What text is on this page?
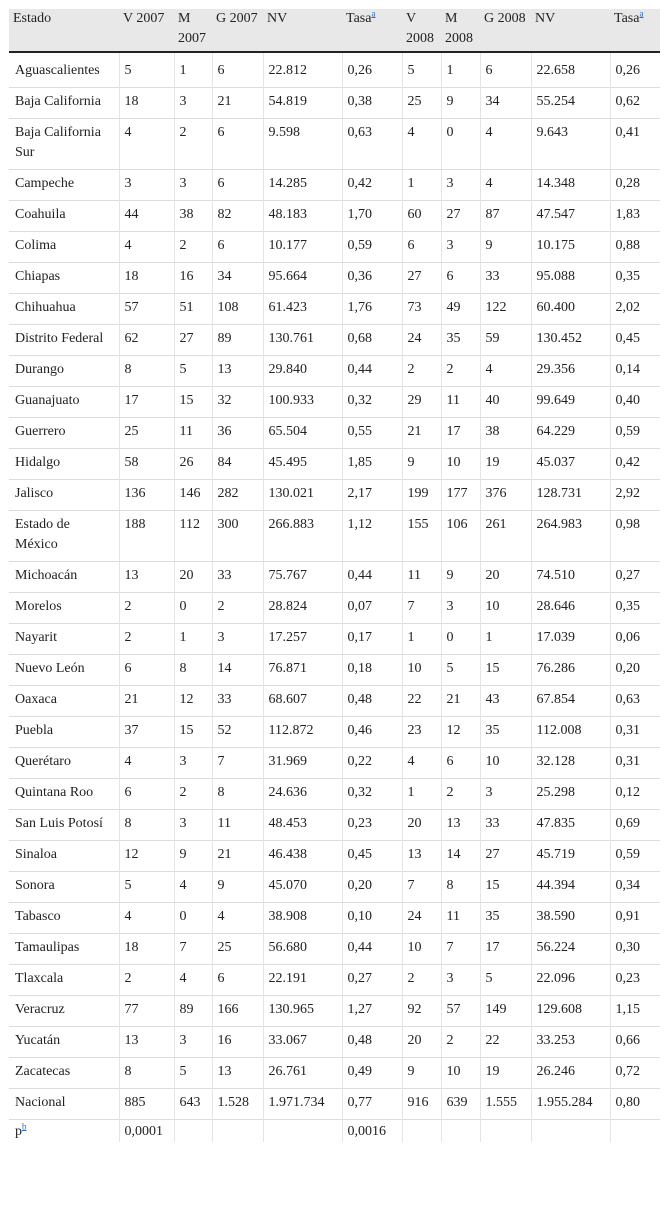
Estado	V 2007	M 2007	G 2007	NV	Tasa$^a$	V 2008	M 2008	G 2008	NV	Tasa$^a$
Aguascalientes	5	1	6	22.812	0,26	5	1	6	22.658	0,26
Baja California	18	3	21	54.819	0,38	25	9	34	55.254	0,62
Baja California Sur	4	2	6	9.598	0,63	4	0	4	9.643	0,41
Campeche	3	3	6	14.285	0,42	1	3	4	14.348	0,28
Coahuila	44	38	82	48.183	1,70	60	27	87	47.547	1,83
Colima	4	2	6	10.177	0,59	6	3	9	10.175	0,88
Chiapas	18	16	34	95.664	0,36	27	6	33	95.088	0,35
Chihuahua	57	51	108	61.423	1,76	73	49	122	60.400	2,02
Distrito Federal	62	27	89	130.761	0,68	24	35	59	130.452	0,45
Durango	8	5	13	29.840	0,44	2	2	4	29.356	0,14
Guanajuato	17	15	32	100.933	0,32	29	11	40	99.649	0,40
Guerrero	25	11	36	65.504	0,55	21	17	38	64.229	0,59
Hidalgo	58	26	84	45.495	1,85	9	10	19	45.037	0,42
Jalisco	136	146	282	130.021	2,17	199	177	376	128.731	2,92
Estado de México	188	112	300	266.883	1,12	155	106	261	264.983	0,98
Michoacán	13	20	33	75.767	0,44	11	9	20	74.510	0,27
Morelos	2	0	2	28.824	0,07	7	3	10	28.646	0,35
Nayarit	2	1	3	17.257	0,17	1	0	1	17.039	0,06
Nuevo León	6	8	14	76.871	0,18	10	5	15	76.286	0,20
Oaxaca	21	12	33	68.607	0,48	22	21	43	67.854	0,63
Puebla	37	15	52	112.872	0,46	23	12	35	112.008	0,31
Querétaro	4	3	7	31.969	0,22	4	6	10	32.128	0,31
Quintana Roo	6	2	8	24.636	0,32	1	2	3	25.298	0,12
San Luis Potosí	8	3	11	48.453	0,23	20	13	33	47.835	0,69
Sinaloa	12	9	21	46.438	0,45	13	14	27	45.719	0,59
Sonora	5	4	9	45.070	0,20	7	8	15	44.394	0,34
Tabasco	4	0	4	38.908	0,10	24	11	35	38.590	0,91
Tamaulipas	18	7	25	56.680	0,44	10	7	17	56.224	0,30
Tlaxcala	2	4	6	22.191	0,27	2	3	5	22.096	0,23
Veracruz	77	89	166	130.965	1,27	92	57	149	129.608	1,15
Yucatán	13	3	16	33.067	0,48	20	2	22	33.253	0,66
Zacatecas	8	5	13	26.761	0,49	9	10	19	26.246	0,72
Nacional	885	643	1.528	1.971.734	0,77	916	639	1.555	1.955.284	0,80
$p^b$	0,0001				0,0016					
